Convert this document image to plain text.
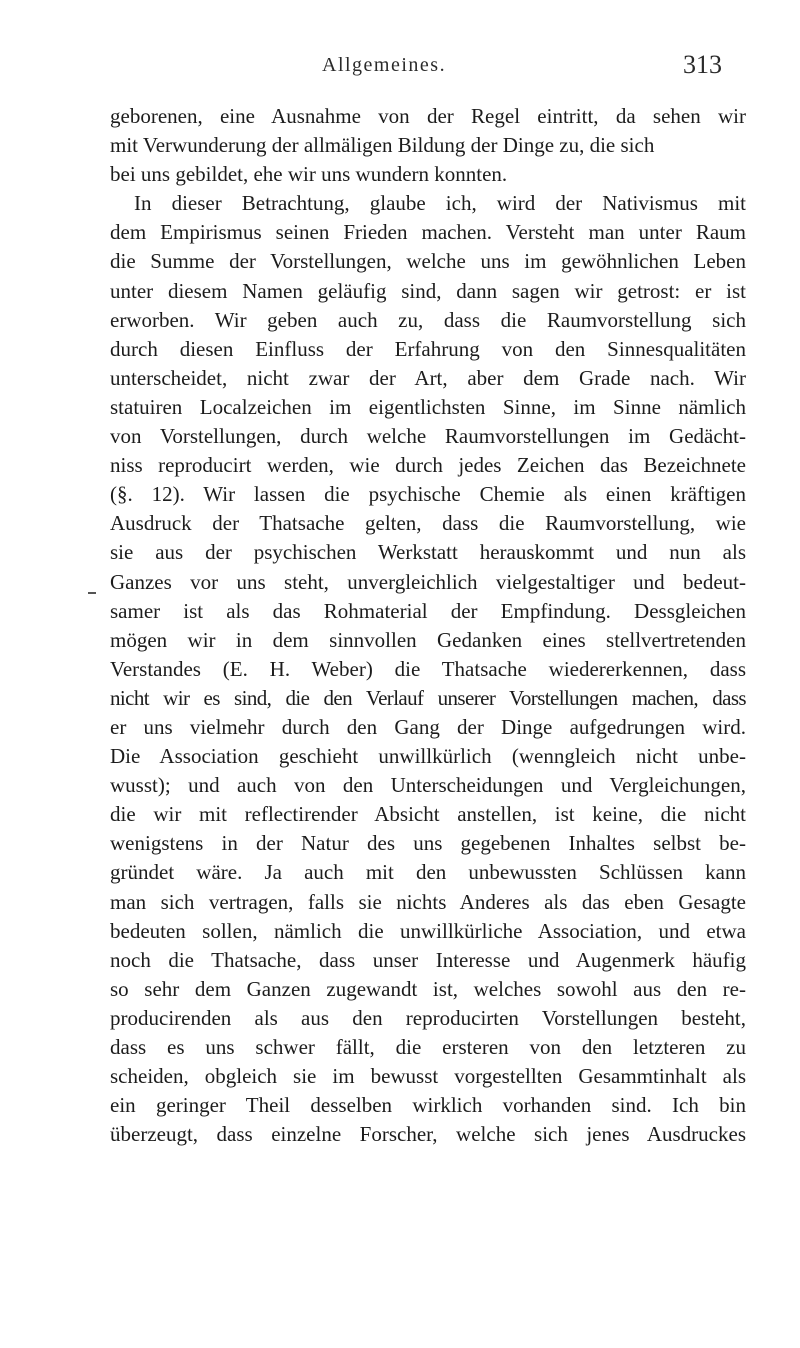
Allgemeines.	313
geborenen, eine Ausnahme von der Regel eintritt, da sehen wir
mit Verwunderung der allmäligen Bildung der Dinge zu, die sich
bei uns gebildet, ehe wir uns wundern konnten.
In dieser Betrachtung, glaube ich, wird der Nativismus mit
dem Empirismus seinen Frieden machen. Versteht man unter Raum
die Summe der Vorstellungen, welche uns im gewöhnlichen Leben
unter diesem Namen geläufig sind, dann sagen wir getrost: er ist
erworben. Wir geben auch zu, dass die Raumvorstellung sich
durch diesen Einfluss der Erfahrung von den Sinnesqualitäten
unterscheidet, nicht zwar der Art, aber dem Grade nach. Wir
statuiren Localzeichen im eigentlichsten Sinne, im Sinne nämlich
von Vorstellungen, durch welche Raumvorstellungen im Gedächt-
niss reproducirt werden, wie durch jedes Zeichen das Bezeichnete
(§. 12). Wir lassen die psychische Chemie als einen kräftigen
Ausdruck der Thatsache gelten, dass die Raumvorstellung, wie
sie aus der psychischen Werkstatt herauskommt und nun als
Ganzes vor uns steht, unvergleichlich vielgestaltiger und bedeut-
samer ist als das Rohmaterial der Empfindung. Dessgleichen
mögen wir in dem sinnvollen Gedanken eines stellvertretenden
Verstandes (E. H. Weber) die Thatsache wiedererkennen, dass
nicht wir es sind, die den Verlauf unserer Vorstellungen machen, dass
er uns vielmehr durch den Gang der Dinge aufgedrungen wird.
Die Association geschieht unwillkürlich (wenngleich nicht unbe-
wusst); und auch von den Unterscheidungen und Vergleichungen,
die wir mit reflectirender Absicht anstellen, ist keine, die nicht
wenigstens in der Natur des uns gegebenen Inhaltes selbst be-
gründet wäre. Ja auch mit den unbewussten Schlüssen kann
man sich vertragen, falls sie nichts Anderes als das eben Gesagte
bedeuten sollen, nämlich die unwillkürliche Association, und etwa
noch die Thatsache, dass unser Interesse und Augenmerk häufig
so sehr dem Ganzen zugewandt ist, welches sowohl aus den re-
producirenden als aus den reproducirten Vorstellungen besteht,
dass es uns schwer fällt, die ersteren von den letzteren zu
scheiden, obgleich sie im bewusst vorgestellten Gesammtinhalt als
ein geringer Theil desselben wirklich vorhanden sind. Ich bin
überzeugt, dass einzelne Forscher, welche sich jenes Ausdruckes
